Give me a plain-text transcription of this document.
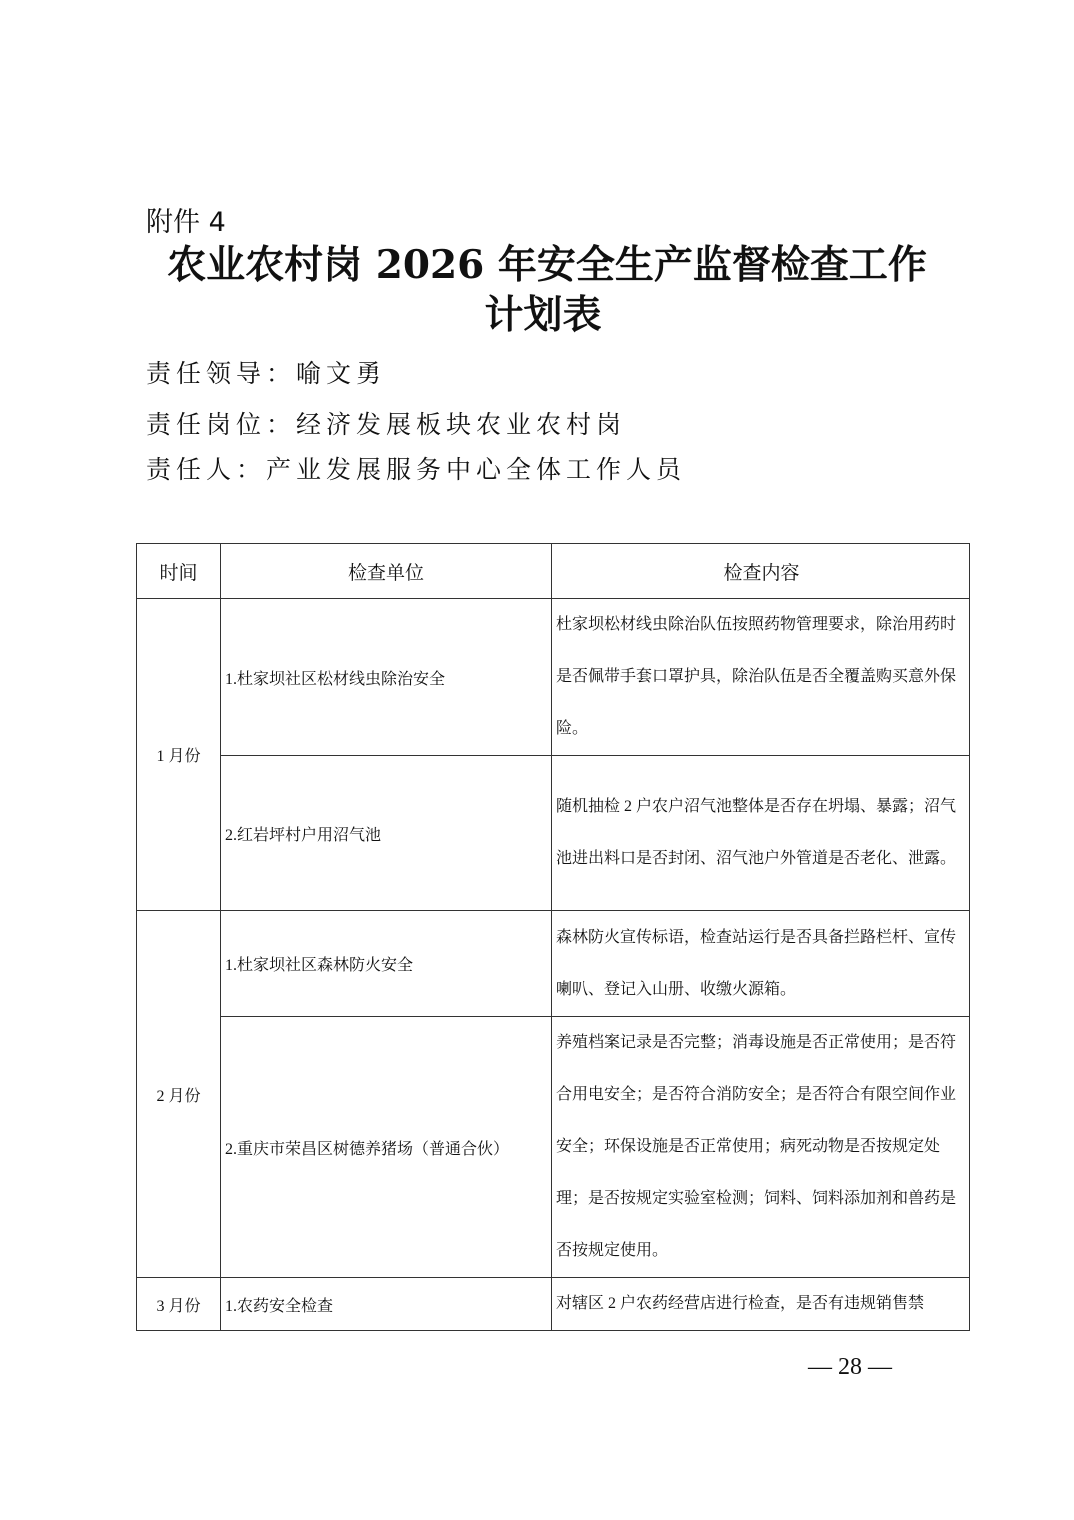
附件 4
农业农村岗 2026 年安全生产监督检查工作
计划表
责任领导：喻文勇
责任岗位：经济发展板块农业农村岗
责任人：产业发展服务中心全体工作人员
时间	检查单位	检查内容
1 月份	1.杜家坝社区松材线虫除治安全	杜家坝松材线虫除治队伍按照药物管理要求，除治用药时是否佩带手套口罩护具，除治队伍是否全覆盖购买意外保险。
	2.红岩坪村户用沼气池	随机抽检 2 户农户沼气池整体是否存在坍塌、暴露；沼气池进出料口是否封闭、沼气池户外管道是否老化、泄露。
2 月份	1.杜家坝社区森林防火安全	森林防火宣传标语，检查站运行是否具备拦路栏杆、宣传喇叭、登记入山册、收缴火源箱。
	2.重庆市荣昌区树德养猪场（普通合伙）	养殖档案记录是否完整；消毒设施是否正常使用；是否符合用电安全；是否符合消防安全；是否符合有限空间作业安全；环保设施是否正常使用；病死动物是否按规定处理；是否按规定实验室检测；饲料、饲料添加剂和兽药是否按规定使用。
3 月份	1.农药安全检查	对辖区 2 户农药经营店进行检查，是否有违规销售禁
— 28 —
